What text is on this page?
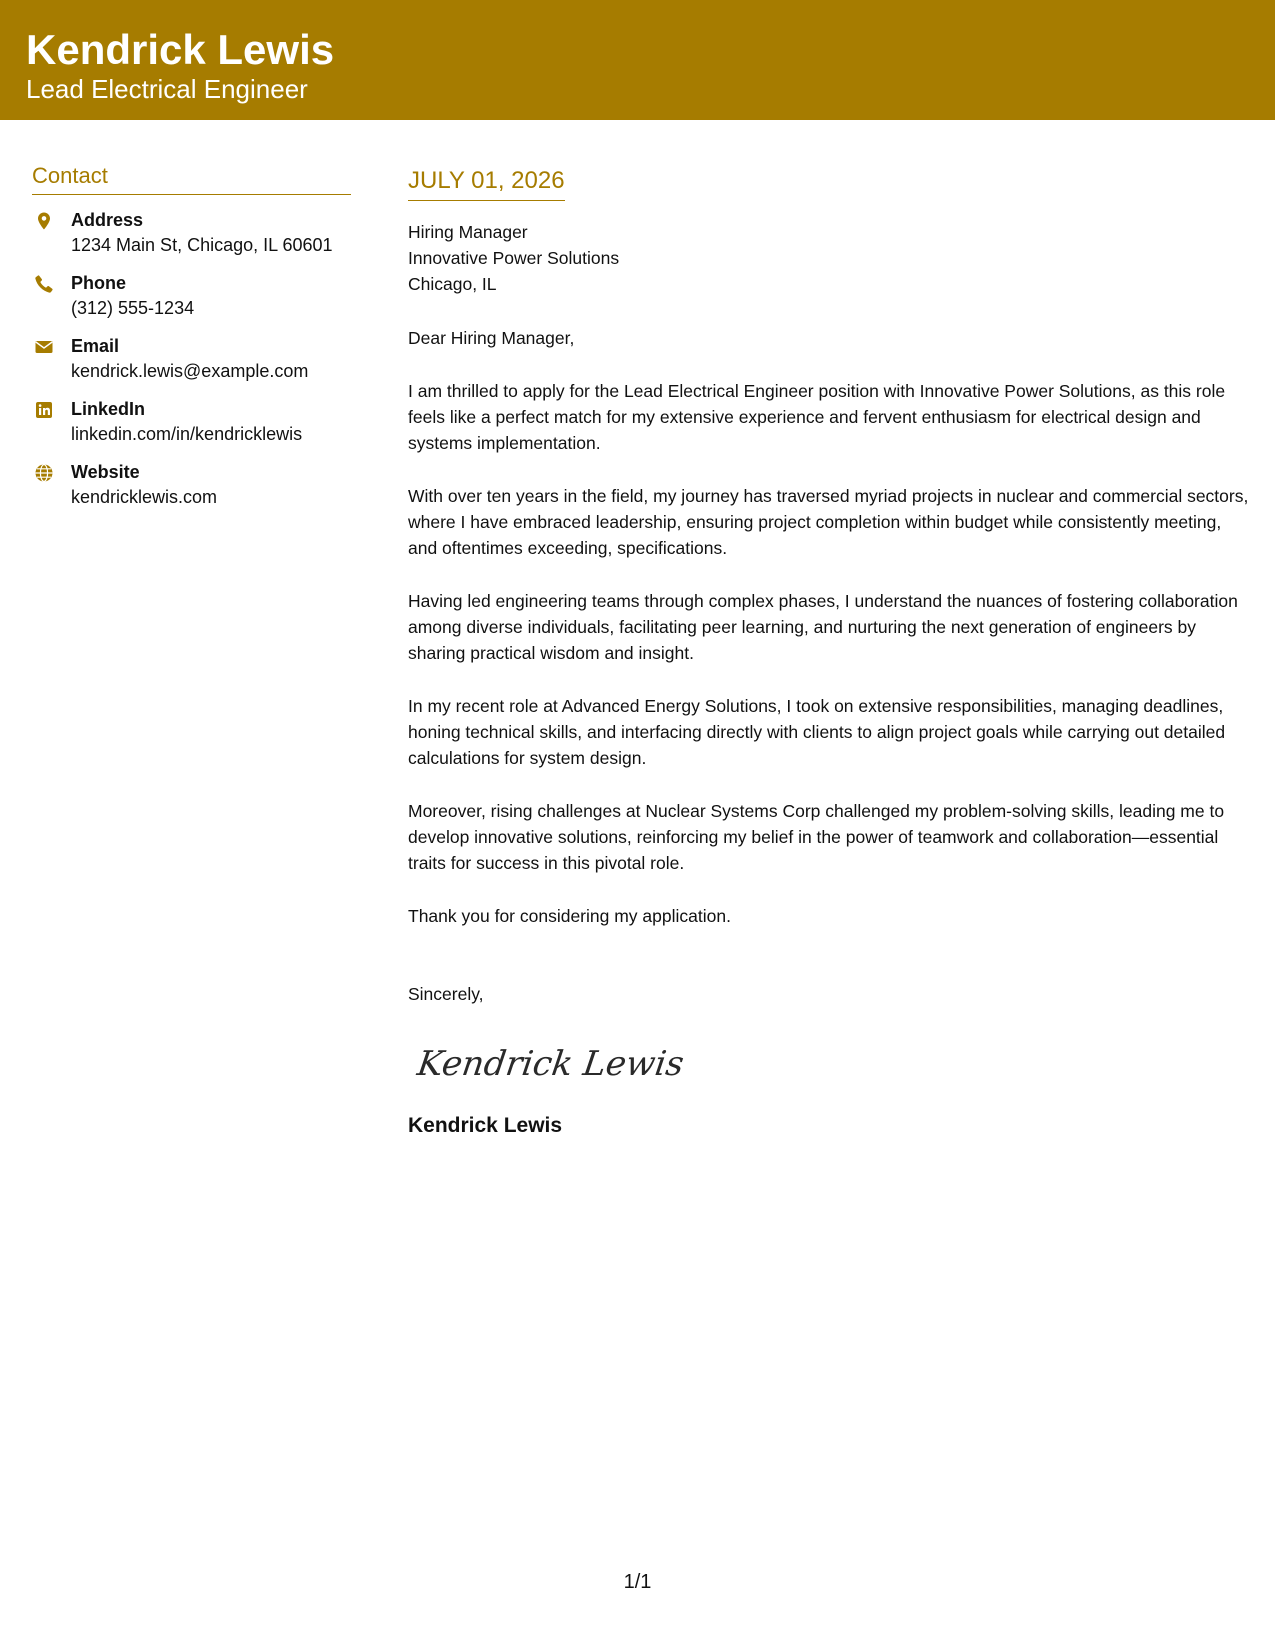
Kendrick Lewis
Lead Electrical Engineer
Contact
Address
1234 Main St, Chicago, IL 60601
Phone
(312) 555-1234
Email
kendrick.lewis@example.com
LinkedIn
linkedin.com/in/kendricklewis
Website
kendricklewis.com
JULY 01, 2026
Hiring Manager
Innovative Power Solutions
Chicago, IL
Dear Hiring Manager,
I am thrilled to apply for the Lead Electrical Engineer position with Innovative Power Solutions, as this role feels like a perfect match for my extensive experience and fervent enthusiasm for electrical design and systems implementation.
With over ten years in the field, my journey has traversed myriad projects in nuclear and commercial sectors, where I have embraced leadership, ensuring project completion within budget while consistently meeting, and oftentimes exceeding, specifications.
Having led engineering teams through complex phases, I understand the nuances of fostering collaboration among diverse individuals, facilitating peer learning, and nurturing the next generation of engineers by sharing practical wisdom and insight.
In my recent role at Advanced Energy Solutions, I took on extensive responsibilities, managing deadlines, honing technical skills, and interfacing directly with clients to align project goals while carrying out detailed calculations for system design.
Moreover, rising challenges at Nuclear Systems Corp challenged my problem-solving skills, leading me to develop innovative solutions, reinforcing my belief in the power of teamwork and collaboration—essential traits for success in this pivotal role.
Thank you for considering my application.
Sincerely,
Kendrick Lewis
Kendrick Lewis
1/1
